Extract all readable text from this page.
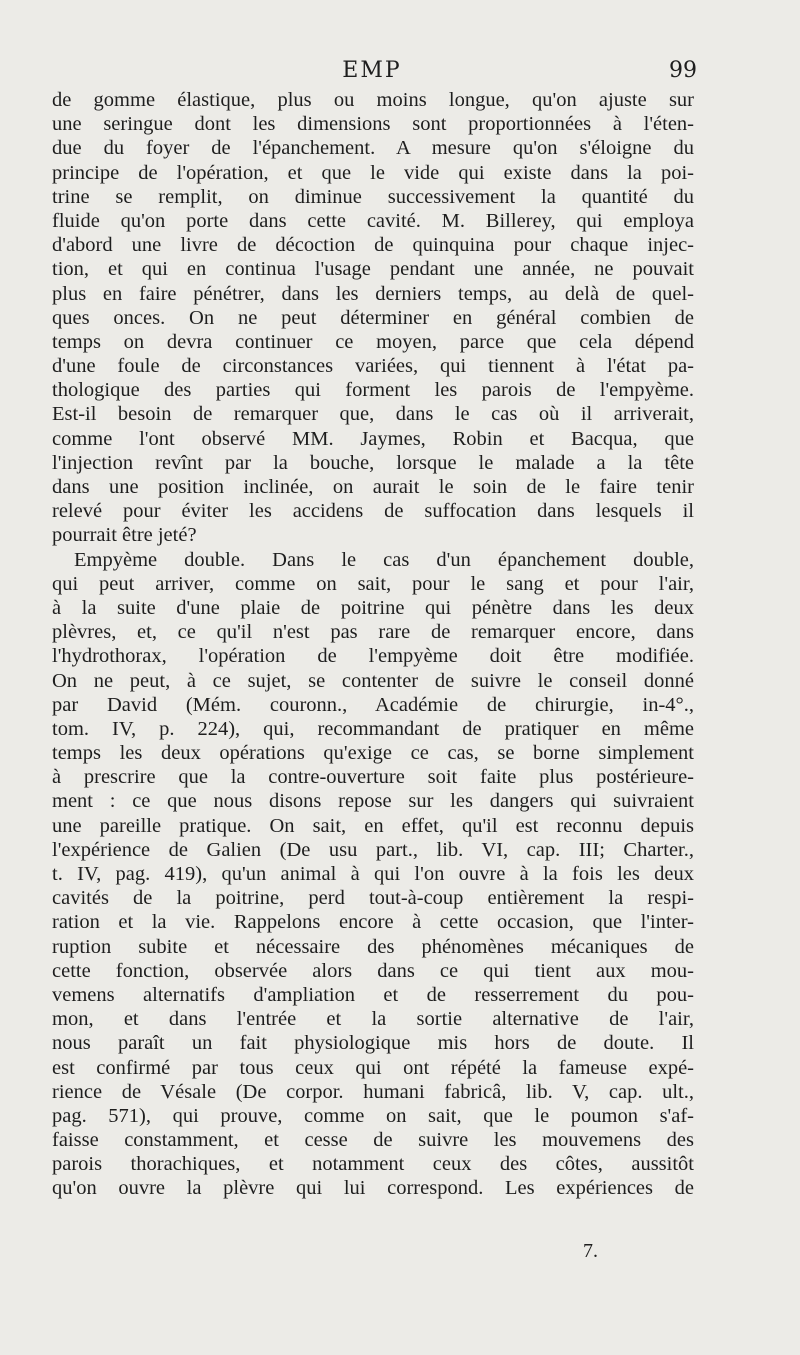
EMP	99
de gomme élastique, plus ou moins longue, qu'on ajuste sur
une seringue dont les dimensions sont proportionnées à l'éten-
due du foyer de l'épanchement. A mesure qu'on s'éloigne du
principe de l'opération, et que le vide qui existe dans la poi-
trine se remplit, on diminue successivement la quantité du
fluide qu'on porte dans cette cavité. M. Billerey, qui employa
d'abord une livre de décoction de quinquina pour chaque injec-
tion, et qui en continua l'usage pendant une année, ne pouvait
plus en faire pénétrer, dans les derniers temps, au delà de quel-
ques onces. On ne peut déterminer en général combien de
temps on devra continuer ce moyen, parce que cela dépend
d'une foule de circonstances variées, qui tiennent à l'état pa-
thologique des parties qui forment les parois de l'empyème.
Est-il besoin de remarquer que, dans le cas où il arriverait,
comme l'ont observé MM. Jaymes, Robin et Bacqua, que
l'injection revînt par la bouche, lorsque le malade a la tête
dans une position inclinée, on aurait le soin de le faire tenir
relevé pour éviter les accidens de suffocation dans lesquels il
pourrait être jeté?
Empyème double. Dans le cas d'un épanchement double,
qui peut arriver, comme on sait, pour le sang et pour l'air,
à la suite d'une plaie de poitrine qui pénètre dans les deux
plèvres, et, ce qu'il n'est pas rare de remarquer encore, dans
l'hydrothorax, l'opération de l'empyème doit être modifiée.
On ne peut, à ce sujet, se contenter de suivre le conseil donné
par David (Mém. couronn., Académie de chirurgie, in-4°.,
tom. IV, p. 224), qui, recommandant de pratiquer en même
temps les deux opérations qu'exige ce cas, se borne simplement
à prescrire que la contre-ouverture soit faite plus postérieure-
ment : ce que nous disons repose sur les dangers qui suivraient
une pareille pratique. On sait, en effet, qu'il est reconnu depuis
l'expérience de Galien (De usu part., lib. VI, cap. III; Charter.,
t. IV, pag. 419), qu'un animal à qui l'on ouvre à la fois les deux
cavités de la poitrine, perd tout-à-coup entièrement la respi-
ration et la vie. Rappelons encore à cette occasion, que l'inter-
ruption subite et nécessaire des phénomènes mécaniques de
cette fonction, observée alors dans ce qui tient aux mou-
vemens alternatifs d'ampliation et de resserrement du pou-
mon, et dans l'entrée et la sortie alternative de l'air,
nous paraît un fait physiologique mis hors de doute. Il
est confirmé par tous ceux qui ont répété la fameuse expé-
rience de Vésale (De corpor. humani fabricâ, lib. V, cap. ult.,
pag. 571), qui prouve, comme on sait, que le poumon s'af-
faisse constamment, et cesse de suivre les mouvemens des
parois thorachiques, et notamment ceux des côtes, aussitôt
qu'on ouvre la plèvre qui lui correspond. Les expériences de
7.
